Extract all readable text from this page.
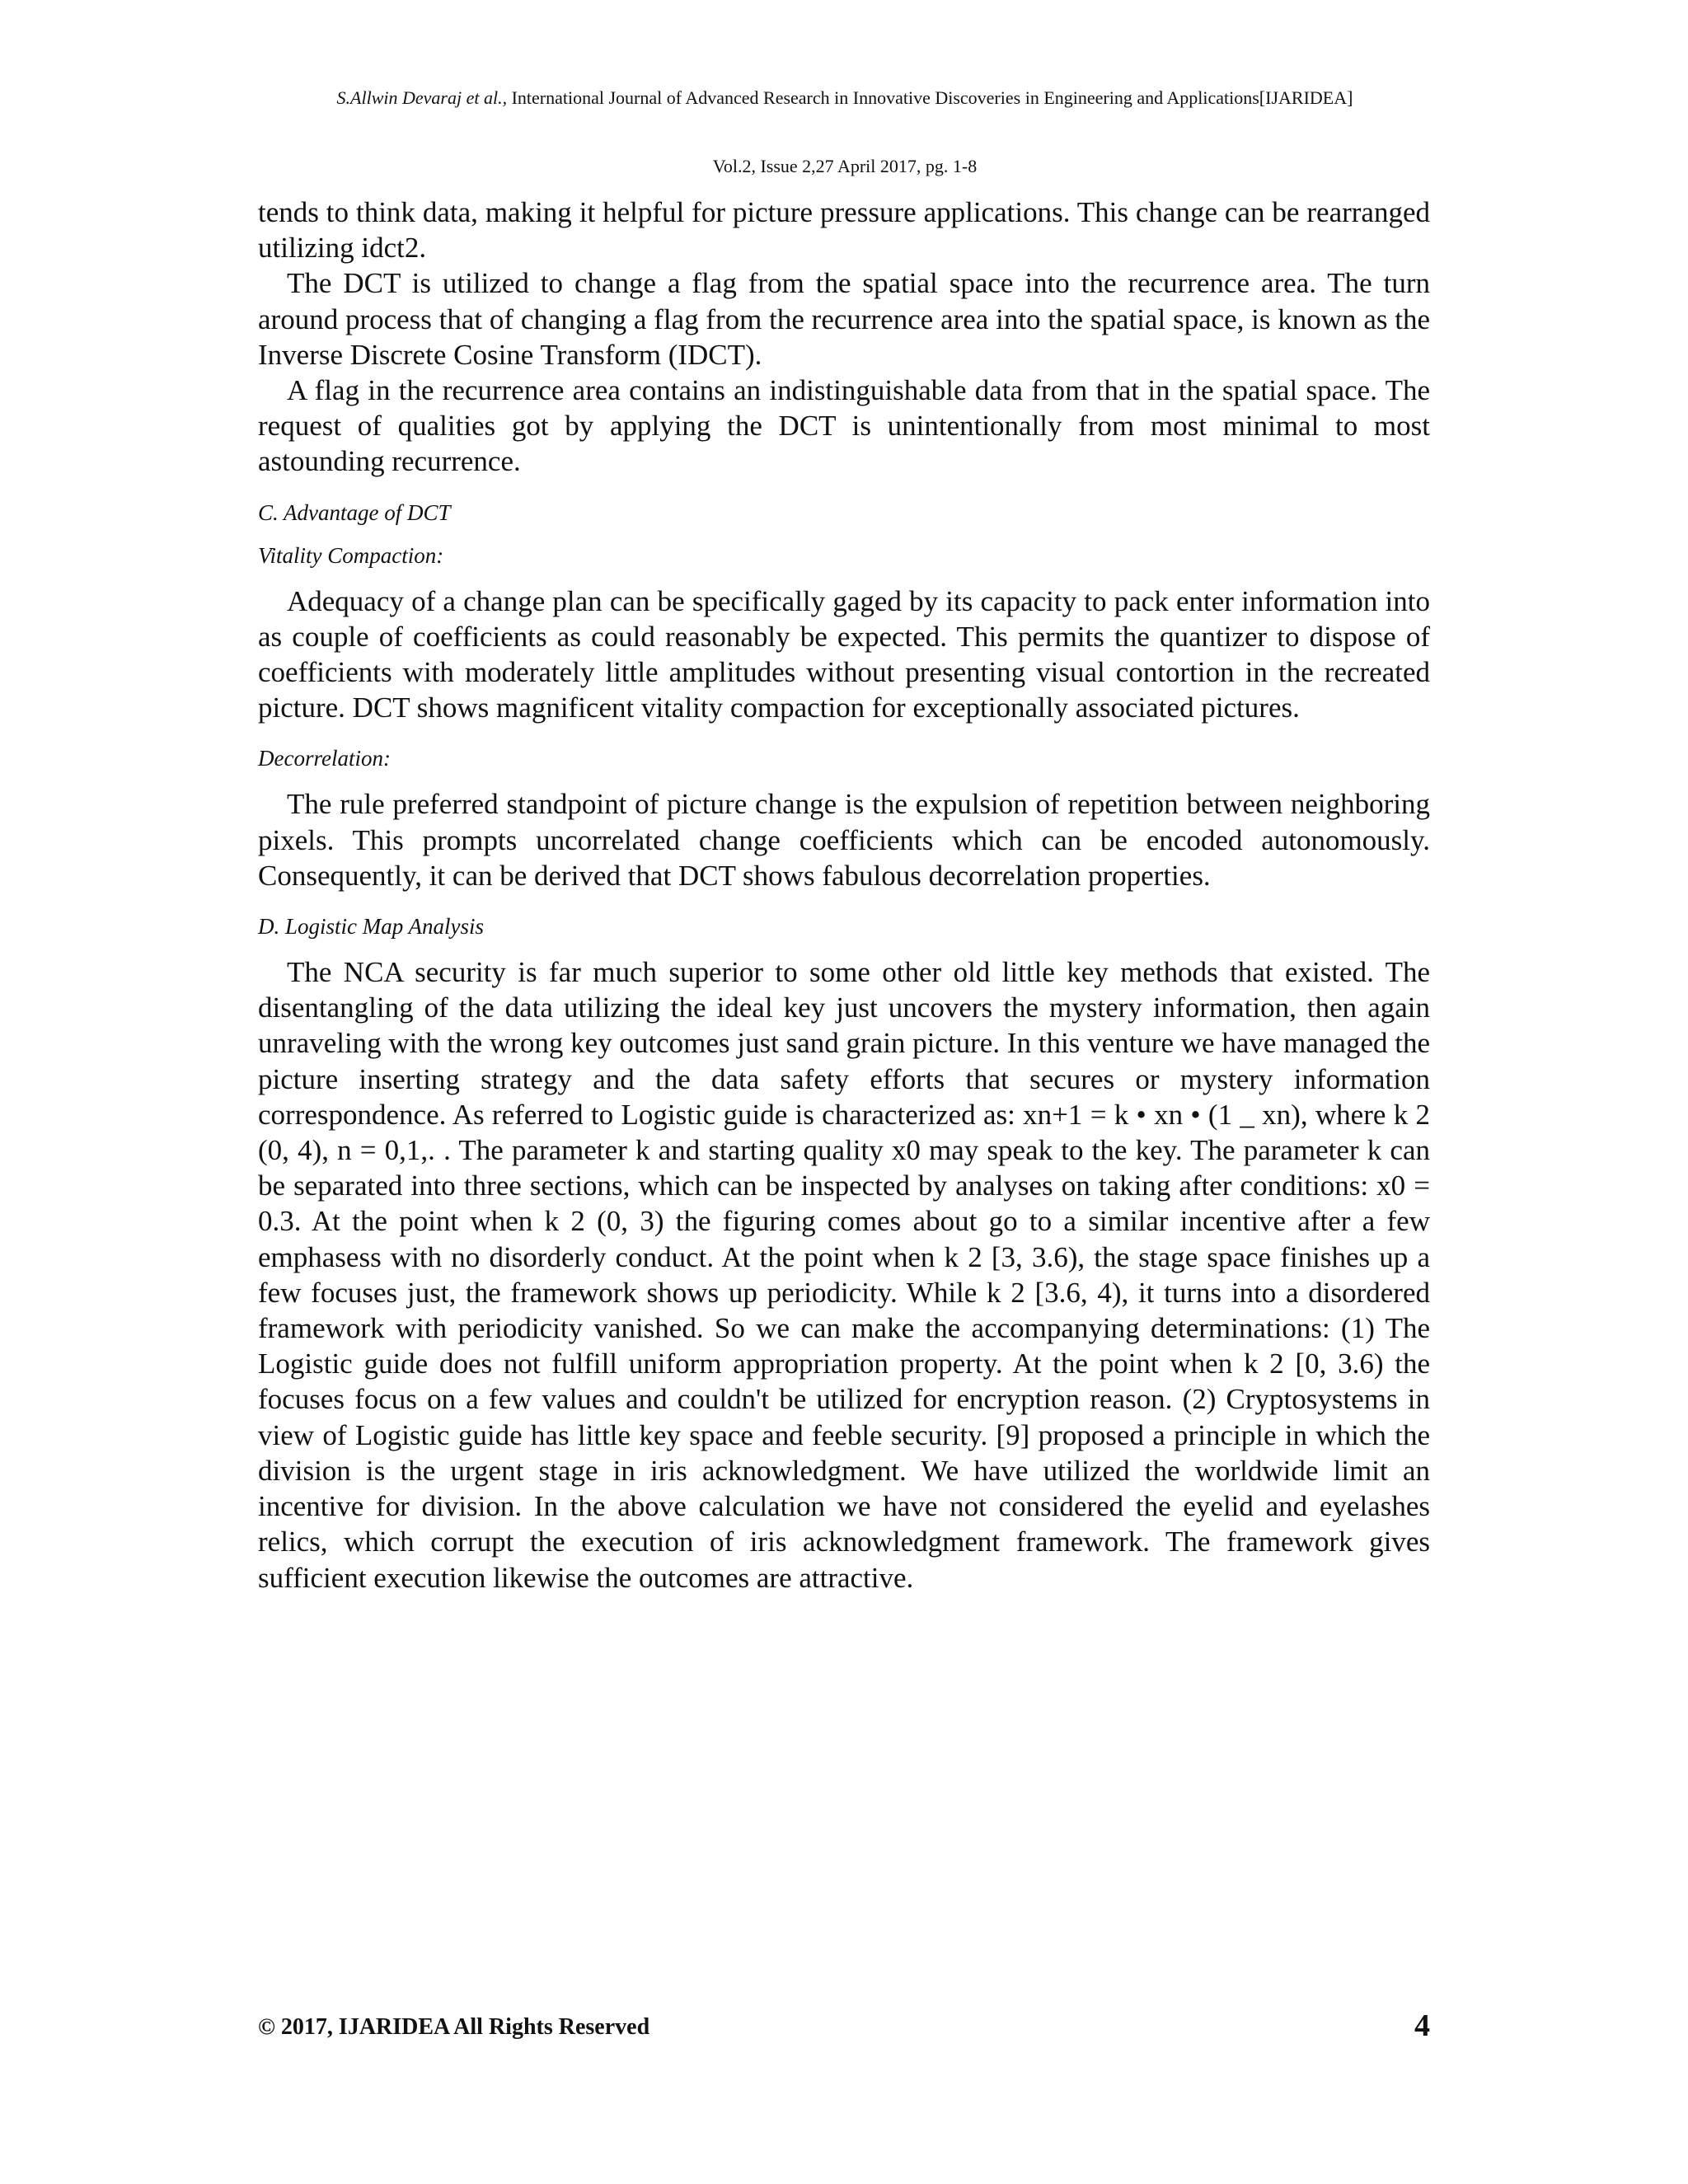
S.Allwin Devaraj et al., International Journal of Advanced Research in Innovative Discoveries in Engineering and Applications[IJARIDEA]
Vol.2, Issue 2,27 April 2017, pg. 1-8

tends to think data, making it helpful for picture pressure applications. This change can be rearranged utilizing idct2.

The DCT is utilized to change a flag from the spatial space into the recurrence area. The turn around process that of changing a flag from the recurrence area into the spatial space, is known as the Inverse Discrete Cosine Transform (IDCT).

A flag in the recurrence area contains an indistinguishable data from that in the spatial space. The request of qualities got by applying the DCT is unintentionally from most minimal to most astounding recurrence.

C. Advantage of DCT

Vitality Compaction:

Adequacy of a change plan can be specifically gaged by its capacity to pack enter information into as couple of coefficients as could reasonably be expected. This permits the quantizer to dispose of coefficients with moderately little amplitudes without presenting visual contortion in the recreated picture. DCT shows magnificent vitality compaction for exceptionally associated pictures.

Decorrelation:

The rule preferred standpoint of picture change is the expulsion of repetition between neighboring pixels. This prompts uncorrelated change coefficients which can be encoded autonomously. Consequently, it can be derived that DCT shows fabulous decorrelation properties.

D. Logistic Map Analysis

The NCA security is far much superior to some other old little key methods that existed. The disentangling of the data utilizing the ideal key just uncovers the mystery information, then again unraveling with the wrong key outcomes just sand grain picture. In this venture we have managed the picture inserting strategy and the data safety efforts that secures or mystery information correspondence. As referred to Logistic guide is characterized as: xn+1 = k • xn • (1 _ xn), where k 2 (0, 4), n = 0,1,. . The parameter k and starting quality x0 may speak to the key. The parameter k can be separated into three sections, which can be inspected by analyses on taking after conditions: x0 = 0.3. At the point when k 2 (0, 3) the figuring comes about go to a similar incentive after a few emphasess with no disorderly conduct. At the point when k 2 [3, 3.6), the stage space finishes up a few focuses just, the framework shows up periodicity. While k 2 [3.6, 4), it turns into a disordered framework with periodicity vanished. So we can make the accompanying determinations: (1) The Logistic guide does not fulfill uniform appropriation property. At the point when k 2 [0, 3.6) the focuses focus on a few values and couldn't be utilized for encryption reason. (2) Cryptosystems in view of Logistic guide has little key space and feeble security. [9] proposed a principle in which the division is the urgent stage in iris acknowledgment. We have utilized the worldwide limit an incentive for division. In the above calculation we have not considered the eyelid and eyelashes relics, which corrupt the execution of iris acknowledgment framework. The framework gives sufficient execution likewise the outcomes are attractive.

© 2017, IJARIDEA All Rights Reserved	4
